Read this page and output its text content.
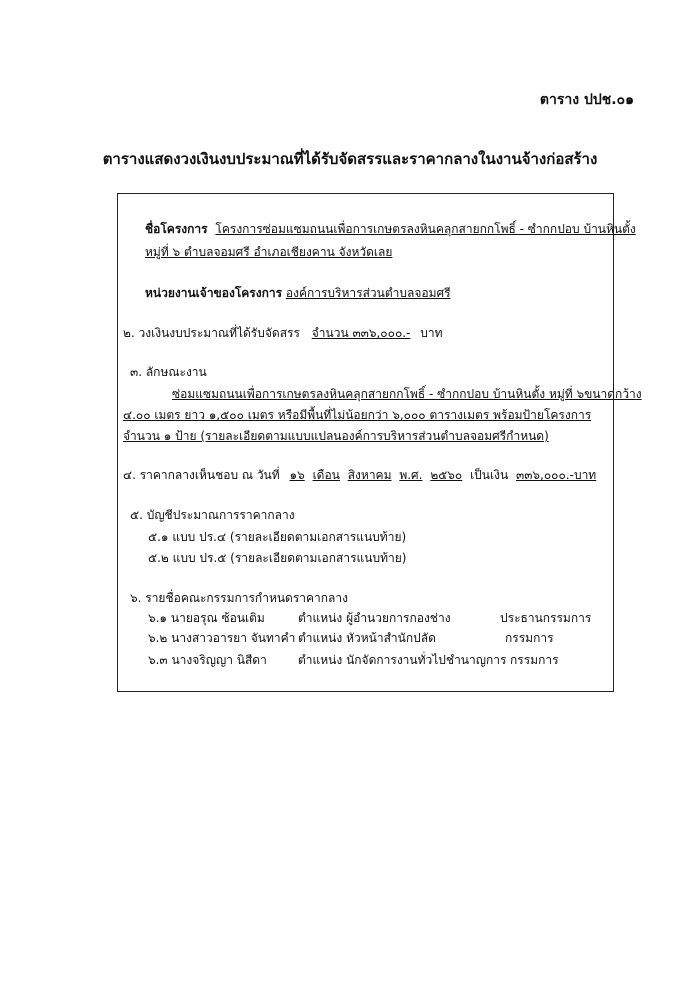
ตาราง ปปช.๐๑
ตารางแสดงวงเงินงบประมาณที่ได้รับจัดสรรและราคากลางในงานจ้างก่อสร้าง
ชื่อโครงการ โครงการซ่อมแซมถนนเพื่อการเกษตรลงหินคลุกสายกกโพธิ์ - ซำกกปอบ บ้านหินตั้ง
หมู่ที่ ๖ ตำบลจอมศรี อำเภอเชียงคาน จังหวัดเลย
หน่วยงานเจ้าของโครงการ องค์การบริหารส่วนตำบลจอมศรี
๒. วงเงินงบประมาณที่ได้รับจัดสรร จำนวน ๓๓๖,๐๐๐.- บาท
๓. ลักษณะงาน
ซ่อมแซมถนนเพื่อการเกษตรลงหินคลุกสายกกโพธิ์ - ซำกกปอบ บ้านหินตั้ง หมู่ที่ ๖ขนาดกว้าง
๔.๐๐ เมตร ยาว ๑,๕๐๐ เมตร หรือมีพื้นที่ไม่น้อยกว่า ๖,๐๐๐ ตารางเมตร พร้อมป้ายโครงการ
จำนวน ๑ ป้าย (รายละเอียดตามแบบแปลนองค์การบริหารส่วนตำบลจอมศรีกำหนด)
๔. ราคากลางเห็นชอบ ณ วันที่ ๑๖ เดือน สิงหาคม พ.ศ. ๒๕๖๐ เป็นเงิน ๓๓๖,๐๐๐.-บาท
๕. บัญชีประมาณการราคากลาง
๕.๑ แบบ ปร.๔ (รายละเอียดตามเอกสารแนบท้าย)
๕.๒ แบบ ปร.๕ (รายละเอียดตามเอกสารแนบท้าย)
๖. รายชื่อคณะกรรมการกำหนดราคากลาง
๖.๑ นายอรุณ ซ้อนเติม	ตำแหน่ง ผู้อำนวยการกองช่าง	ประธานกรรมการ
๖.๒ นางสาวอารยา จันทาคำ ตำแหน่ง หัวหน้าสำนักปลัด	กรรมการ
๖.๓ นางจริญญา นิสีดา	ตำแหน่ง นักจัดการงานทั่วไปชำนาญการ กรรมการ
